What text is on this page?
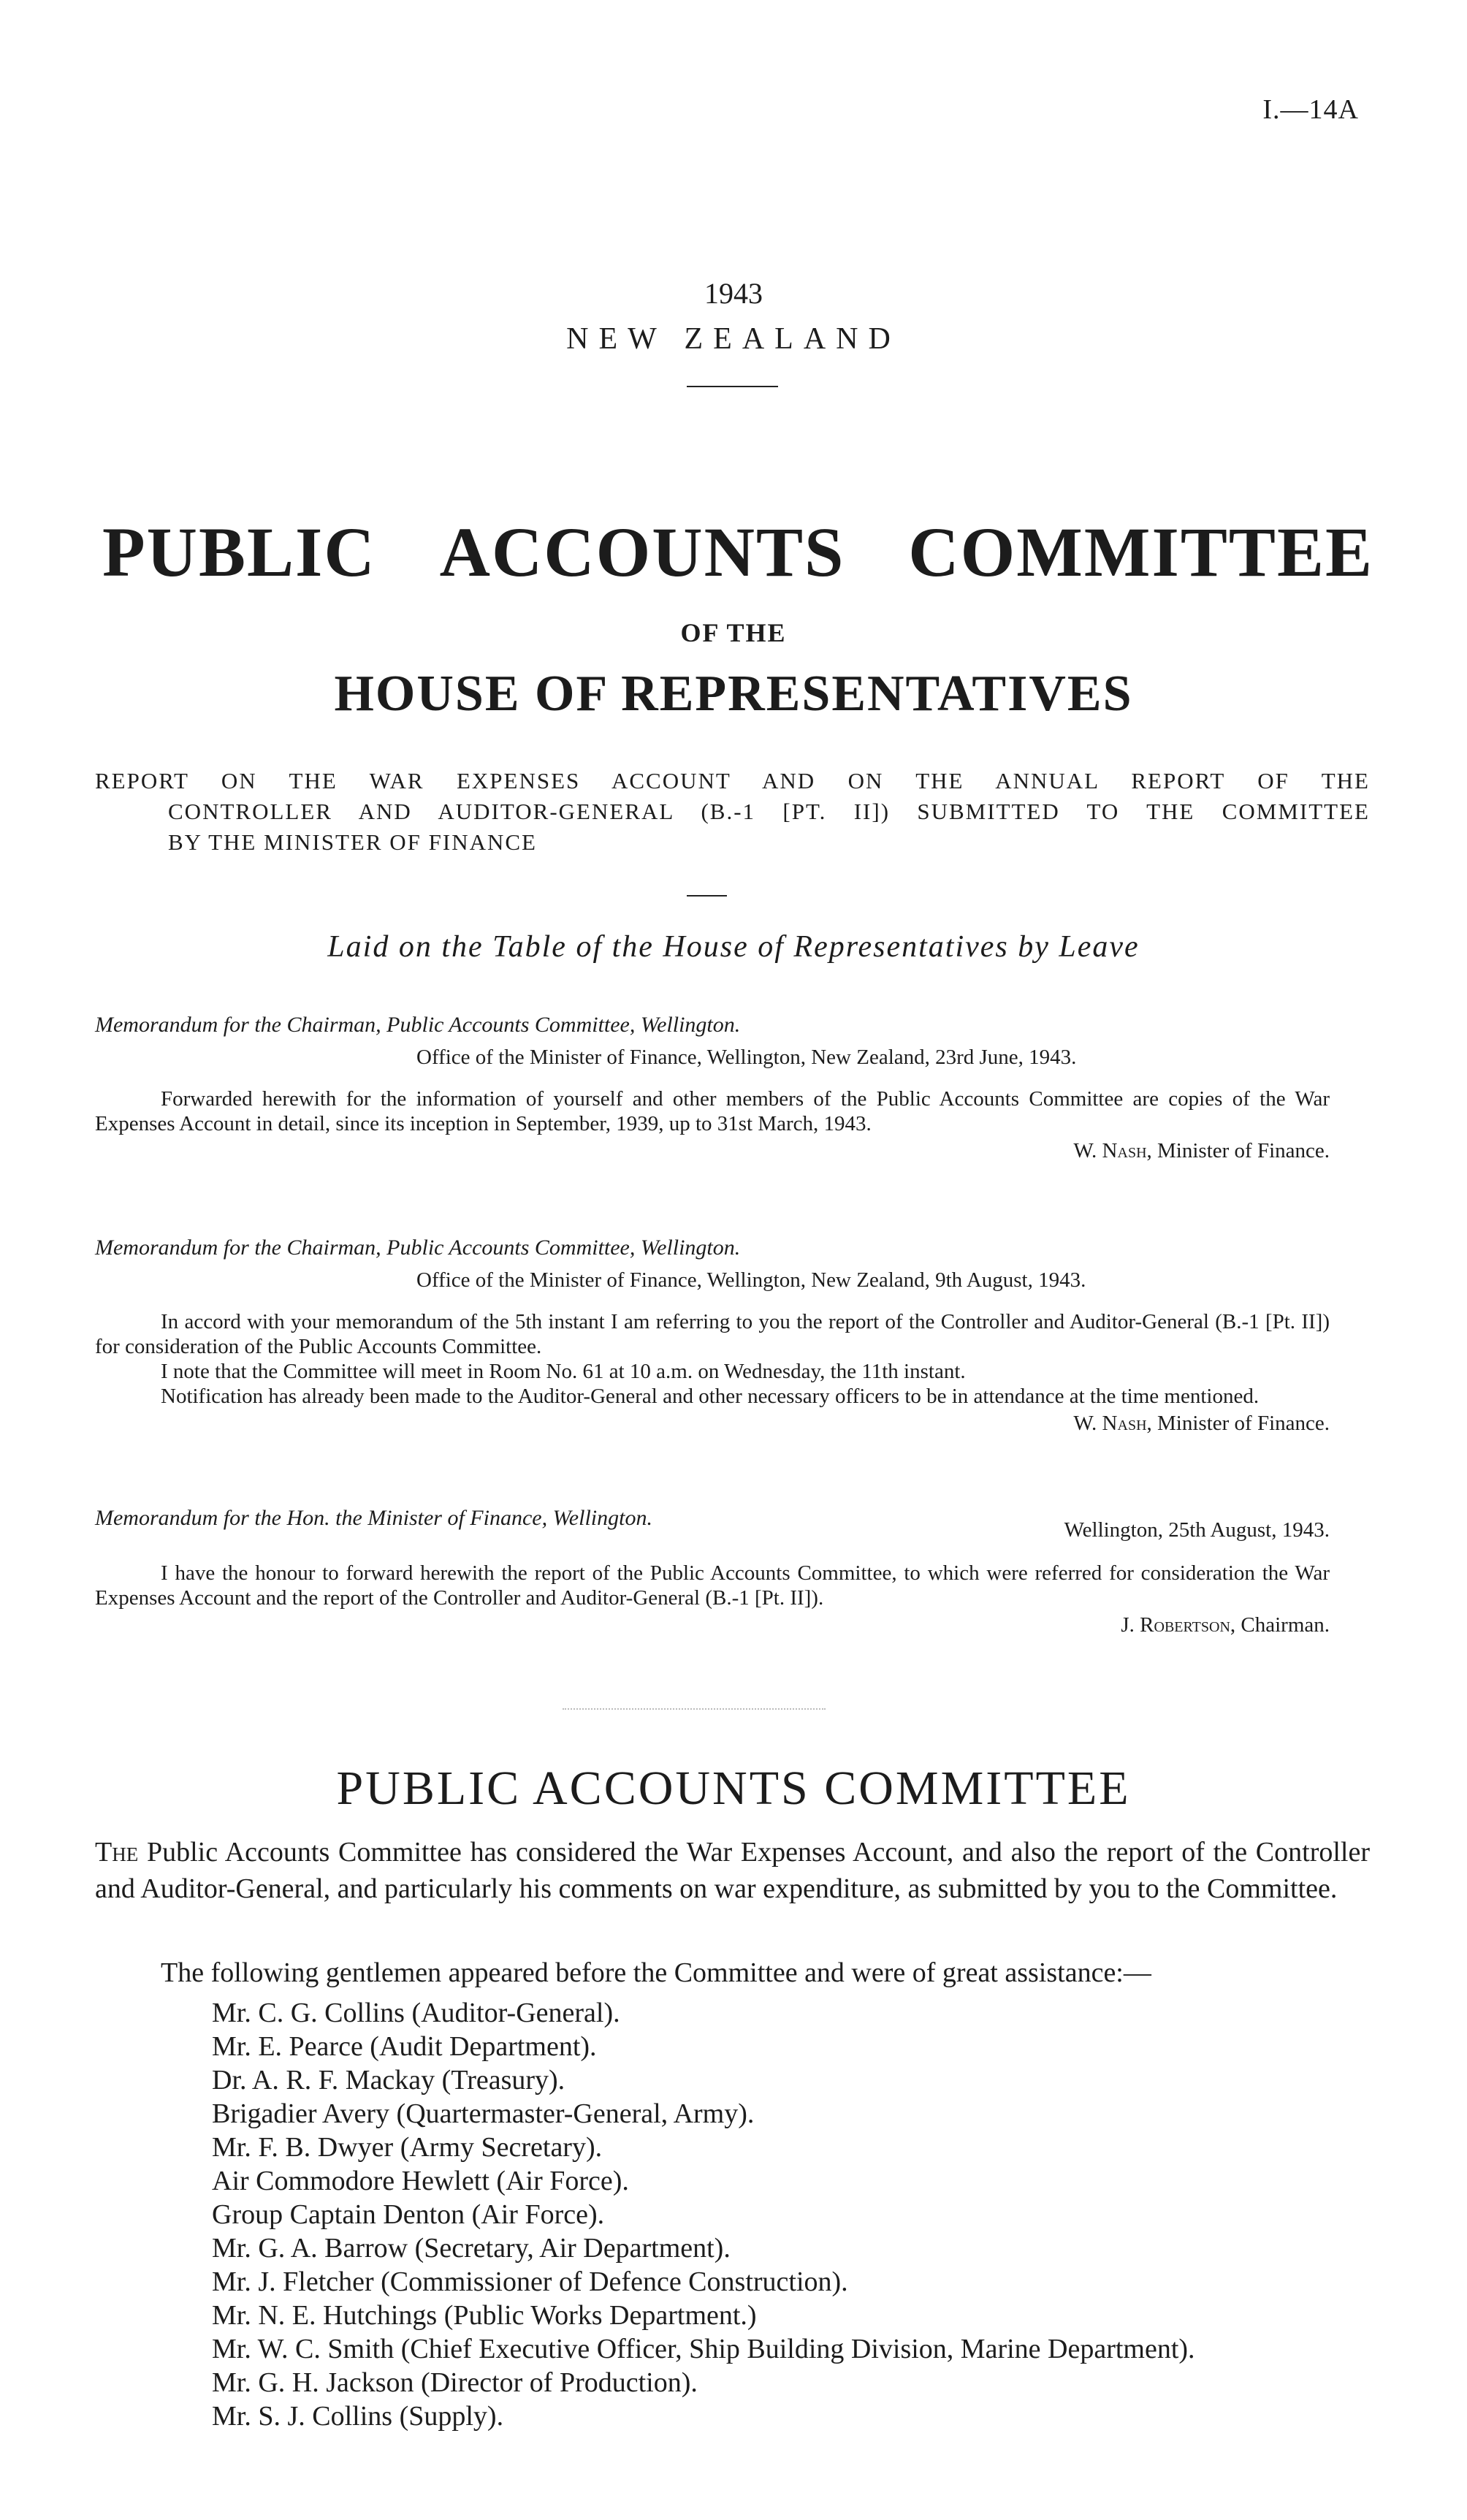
I.—14A
1943
NEW ZEALAND
PUBLIC ACCOUNTS COMMITTEE
OF THE
HOUSE OF REPRESENTATIVES
REPORT ON THE WAR EXPENSES ACCOUNT AND ON THE ANNUAL REPORT OF THE
CONTROLLER AND AUDITOR-GENERAL (B.-1 [PT. II]) SUBMITTED TO THE COMMITTEE
BY THE MINISTER OF FINANCE
Laid on the Table of the House of Representatives by Leave
Memorandum for the Chairman, Public Accounts Committee, Wellington.
Office of the Minister of Finance, Wellington, New Zealand, 23rd June, 1943.
Forwarded herewith for the information of yourself and other members of the Public Accounts Committee are copies of the War Expenses Account in detail, since its inception in September, 1939, up to 31st March, 1943.
W. Nash, Minister of Finance.
Memorandum for the Chairman, Public Accounts Committee, Wellington.
Office of the Minister of Finance, Wellington, New Zealand, 9th August, 1943.
In accord with your memorandum of the 5th instant I am referring to you the report of the Controller and Auditor-General (B.-1 [Pt. II]) for consideration of the Public Accounts Committee.
I note that the Committee will meet in Room No. 61 at 10 a.m. on Wednesday, the 11th instant.
Notification has already been made to the Auditor-General and other necessary officers to be in attendance at the time mentioned.
W. Nash, Minister of Finance.
Memorandum for the Hon. the Minister of Finance, Wellington.	Wellington, 25th August, 1943.
I have the honour to forward herewith the report of the Public Accounts Committee, to which were referred for consideration the War Expenses Account and the report of the Controller and Auditor-General (B.-1 [Pt. II]).
J. Robertson, Chairman.
PUBLIC ACCOUNTS COMMITTEE
The Public Accounts Committee has considered the War Expenses Account, and also the report of the Controller and Auditor-General, and particularly his comments on war expenditure, as submitted by you to the Committee.
The following gentlemen appeared before the Committee and were of great assistance:—
Mr. C. G. Collins (Auditor-General).
Mr. E. Pearce (Audit Department).
Dr. A. R. F. Mackay (Treasury).
Brigadier Avery (Quartermaster-General, Army).
Mr. F. B. Dwyer (Army Secretary).
Air Commodore Hewlett (Air Force).
Group Captain Denton (Air Force).
Mr. G. A. Barrow (Secretary, Air Department).
Mr. J. Fletcher (Commissioner of Defence Construction).
Mr. N. E. Hutchings (Public Works Department.)
Mr. W. C. Smith (Chief Executive Officer, Ship Building Division, Marine Department).
Mr. G. H. Jackson (Director of Production).
Mr. S. J. Collins (Supply).
